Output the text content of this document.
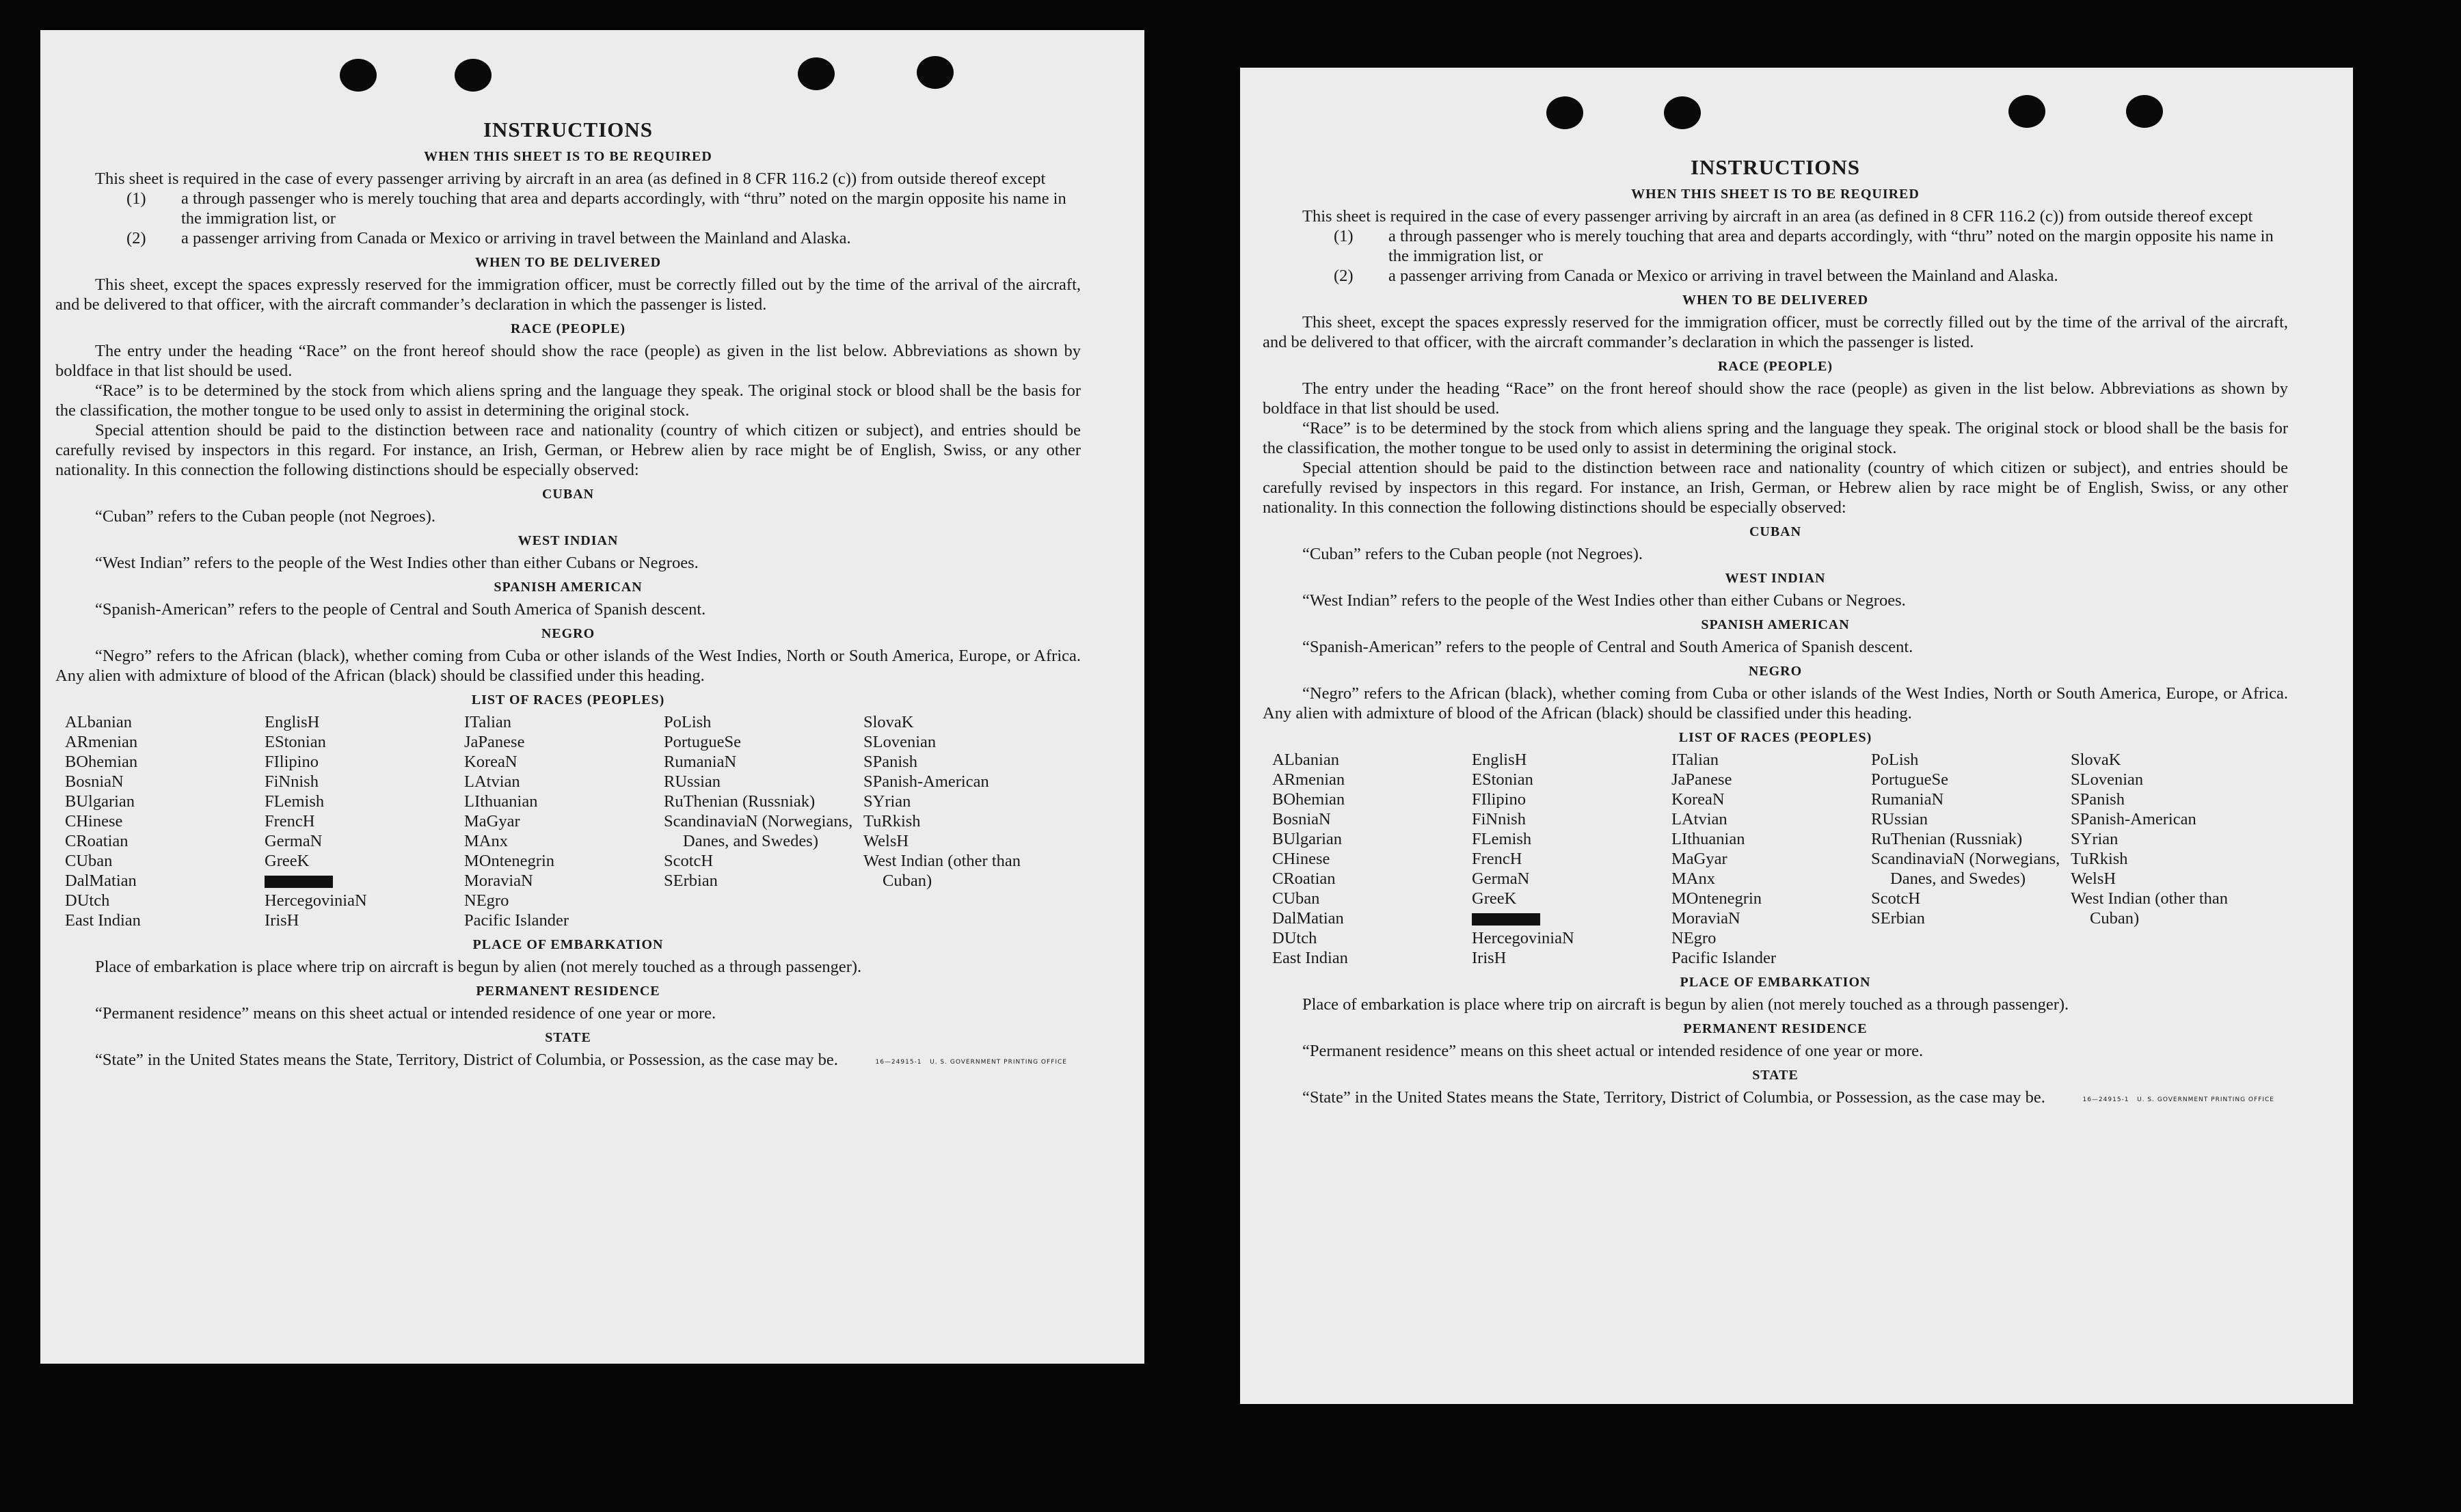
INSTRUCTIONS
WHEN THIS SHEET IS TO BE REQUIRED

This sheet is required in the case of every passenger arriving by aircraft in an area (as defined in 8 CFR 116.2 (c)) from outside thereof except

(1) a through passenger who is merely touching that area and departs accordingly, with “thru” noted on the margin opposite his name in the immigration list, or
(2) a passenger arriving from Canada or Mexico or arriving in travel between the Mainland and Alaska.
WHEN TO BE DELIVERED

This sheet, except the spaces expressly reserved for the immigration officer, must be correctly filled out by the time of the arrival of the aircraft, and be delivered to that officer, with the aircraft commander’s declaration in which the passenger is listed.

RACE (PEOPLE)

The entry under the heading “Race” on the front hereof should show the race (people) as given in the list below. Abbreviations as shown by boldface in that list should be used.

“Race” is to be determined by the stock from which aliens spring and the language they speak. The original stock or blood shall be the basis for the classification, the mother tongue to be used only to assist in determining the original stock.

Special attention should be paid to the distinction between race and nationality (country of which citizen or subject), and entries should be carefully revised by inspectors in this regard. For instance, an Irish, German, or Hebrew alien by race might be of English, Swiss, or any other nationality. In this connection the following distinctions should be especially observed:

CUBAN

“Cuban” refers to the Cuban people (not Negroes).

WEST INDIAN

“West Indian” refers to the people of the West Indies other than either Cubans or Negroes.

SPANISH AMERICAN

“Spanish-American” refers to the people of Central and South America of Spanish descent.

NEGRO

“Negro” refers to the African (black), whether coming from Cuba or other islands of the West Indies, North or South America, Europe, or Africa. Any alien with admixture of blood of the African (black) should be classified under this heading.

LIST OF RACES (PEOPLES)
ALbanian
ARmenian
BOhemian
BosniaN
BUlgarian
CHinese
CRoatian
CUban
DalMatian
DUtch
East Indian
EnglisH
EStonian
FIlipino
FiNnish
FLemish
FrencH
GermaN
GreeK
HercegoviniaN
IrisH
ITalian
JaPanese
KoreaN
LAtvian
LIthuanian
MaGyar
MAnx
MOntenegrin
MoraviaN
NEgro
Pacific Islander
PoLish
PortugueSe
RumaniaN
RUssian
RuThenian (Russniak)
ScandinaviaN (Norwegians, Danes, and Swedes)
ScotcH
SErbian
SlovaK
SLovenian
SPanish
SPanish-American
SYrian
TuRkish
WelsH
West Indian (other than Cuban)
PLACE OF EMBARKATION

Place of embarkation is place where trip on aircraft is begun by alien (not merely touched as a through passenger).

PERMANENT RESIDENCE

“Permanent residence” means on this sheet actual or intended residence of one year or more.

STATE

“State” in the United States means the State, Territory, District of Columbia, or Possession, as the case may be.	16—24915-1 U. S. GOVERNMENT PRINTING OFFICE
INSTRUCTIONS
WHEN THIS SHEET IS TO BE REQUIRED

This sheet is required in the case of every passenger arriving by aircraft in an area (as defined in 8 CFR 116.2 (c)) from outside thereof except

(1) a through passenger who is merely touching that area and departs accordingly, with “thru” noted on the margin opposite his name in the immigration list, or
(2) a passenger arriving from Canada or Mexico or arriving in travel between the Mainland and Alaska.
WHEN TO BE DELIVERED

This sheet, except the spaces expressly reserved for the immigration officer, must be correctly filled out by the time of the arrival of the aircraft, and be delivered to that officer, with the aircraft commander’s declaration in which the passenger is listed.

RACE (PEOPLE)

The entry under the heading “Race” on the front hereof should show the race (people) as given in the list below. Abbreviations as shown by boldface in that list should be used.

“Race” is to be determined by the stock from which aliens spring and the language they speak. The original stock or blood shall be the basis for the classification, the mother tongue to be used only to assist in determining the original stock.

Special attention should be paid to the distinction between race and nationality (country of which citizen or subject), and entries should be carefully revised by inspectors in this regard. For instance, an Irish, German, or Hebrew alien by race might be of English, Swiss, or any other nationality. In this connection the following distinctions should be especially observed:

CUBAN

“Cuban” refers to the Cuban people (not Negroes).

WEST INDIAN

“West Indian” refers to the people of the West Indies other than either Cubans or Negroes.

SPANISH AMERICAN

“Spanish-American” refers to the people of Central and South America of Spanish descent.

NEGRO

“Negro” refers to the African (black), whether coming from Cuba or other islands of the West Indies, North or South America, Europe, or Africa. Any alien with admixture of blood of the African (black) should be classified under this heading.

LIST OF RACES (PEOPLES)
ALbanian
ARmenian
BOhemian
BosniaN
BUlgarian
CHinese
CRoatian
CUban
DalMatian
DUtch
East Indian
EnglisH
EStonian
FIlipino
FiNnish
FLemish
FrencH
GermaN
GreeK
HercegoviniaN
IrisH
ITalian
JaPanese
KoreaN
LAtvian
LIthuanian
MaGyar
MAnx
MOntenegrin
MoraviaN
NEgro
Pacific Islander
PoLish
PortugueSe
RumaniaN
RUssian
RuThenian (Russniak)
ScandinaviaN (Norwegians, Danes, and Swedes)
ScotcH
SErbian
SlovaK
SLovenian
SPanish
SPanish-American
SYrian
TuRkish
WelsH
West Indian (other than Cuban)
PLACE OF EMBARKATION

Place of embarkation is place where trip on aircraft is begun by alien (not merely touched as a through passenger).

PERMANENT RESIDENCE

“Permanent residence” means on this sheet actual or intended residence of one year or more.

STATE

“State” in the United States means the State, Territory, District of Columbia, or Possession, as the case may be.	16—24915-1 U. S. GOVERNMENT PRINTING OFFICE
